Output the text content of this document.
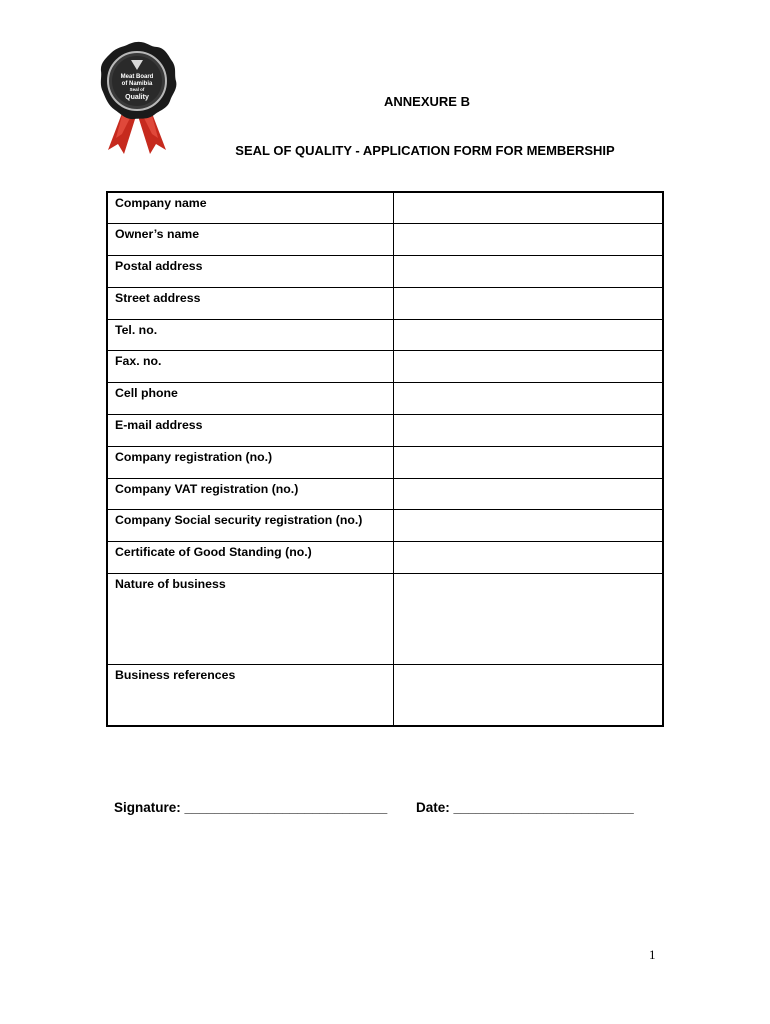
Meat Board
of Namibia
Seal of
Quality	ANNEXURE B
SEAL OF QUALITY - APPLICATION FORM FOR MEMBERSHIP
Company name	
Owner’s name	
Postal address	
Street address	
Tel. no.	
Fax. no.	
Cell phone	
E-mail address	
Company registration (no.)	
Company VAT registration (no.)	
Company Social security registration (no.)	
Certificate of Good Standing (no.)	
Nature of business	
Business references	
Signature: ___________________________ Date: ________________________
1
